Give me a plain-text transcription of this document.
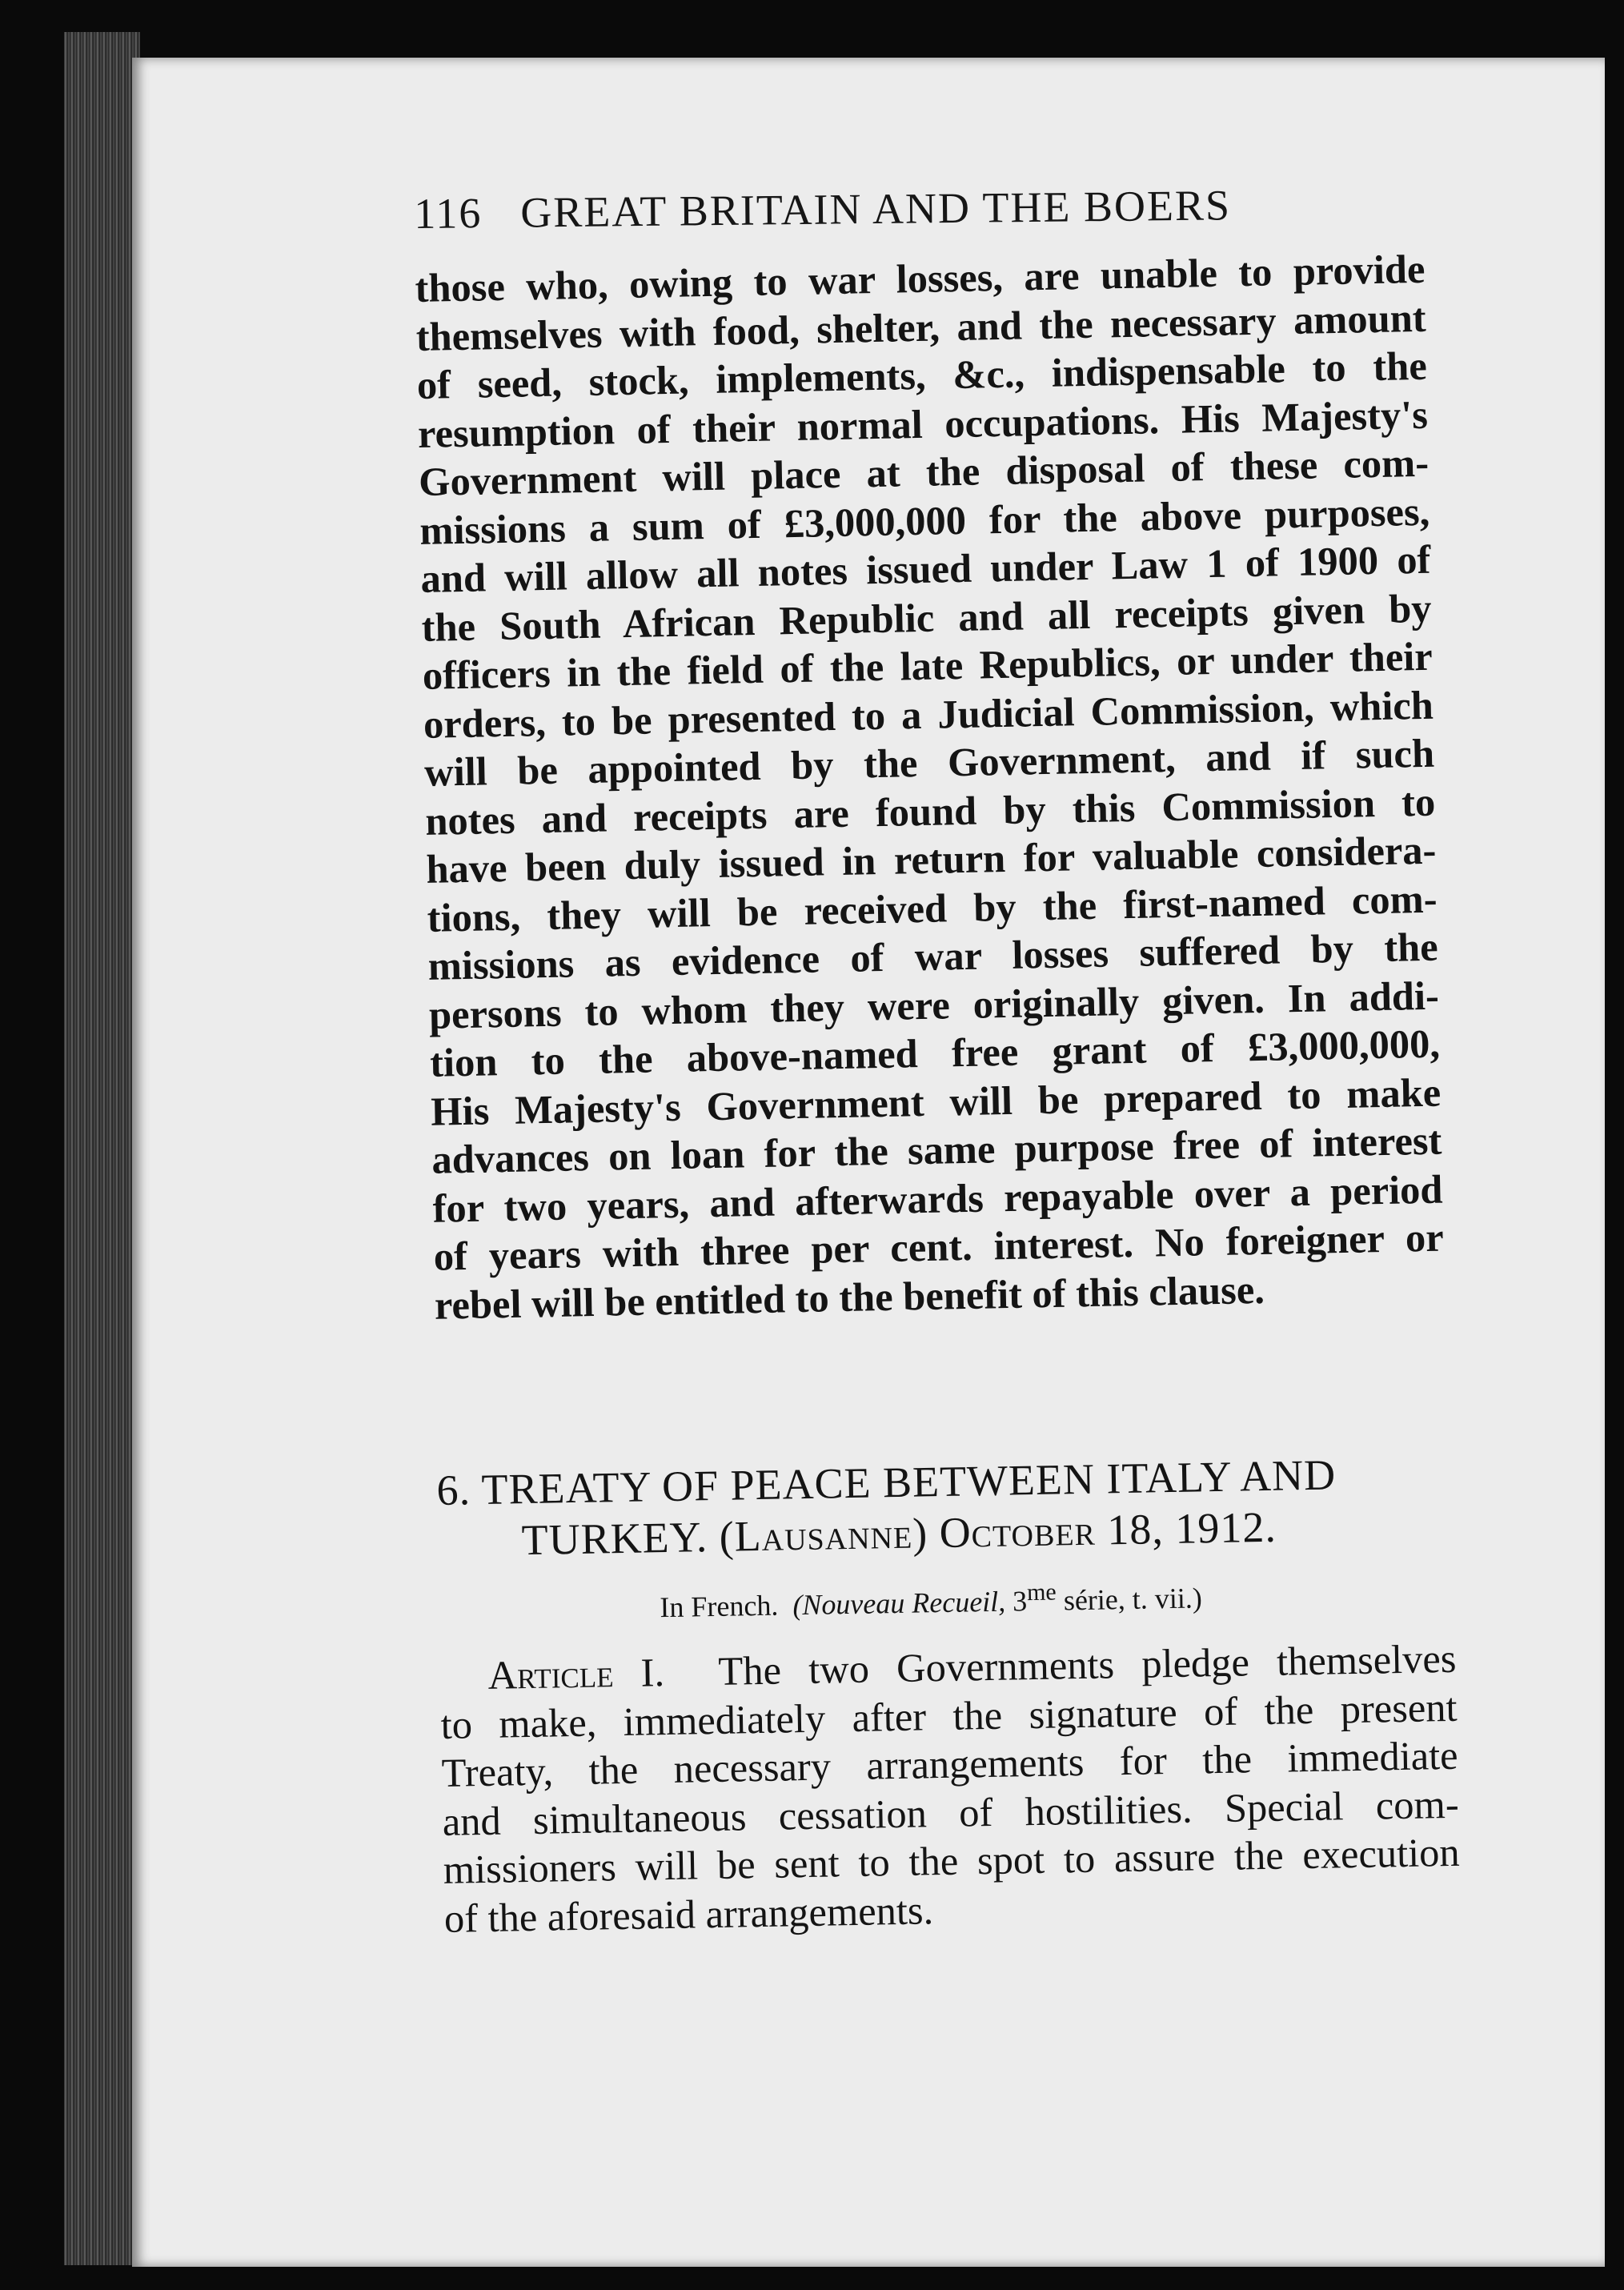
116 GREAT BRITAIN AND THE BOERS
those who, owing to war losses, are unable to provide
themselves with food, shelter, and the necessary amount
of seed, stock, implements, &c., indispensable to the
resumption of their normal occupations. His Majesty's
Government will place at the disposal of these com-
missions a sum of £3,000,000 for the above purposes,
and will allow all notes issued under Law 1 of 1900 of
the South African Republic and all receipts given by
officers in the field of the late Republics, or under their
orders, to be presented to a Judicial Commission, which
will be appointed by the Government, and if such
notes and receipts are found by this Commission to
have been duly issued in return for valuable considera-
tions, they will be received by the first-named com-
missions as evidence of war losses suffered by the
persons to whom they were originally given. In addi-
tion to the above-named free grant of £3,000,000,
His Majesty's Government will be prepared to make
advances on loan for the same purpose free of interest
for two years, and afterwards repayable over a period
of years with three per cent. interest. No foreigner or
rebel will be entitled to the benefit of this clause.
6. TREATY OF PEACE BETWEEN ITALY AND
TURKEY. (Lausanne) October 18, 1912.
In French. (Nouveau Recueil, $3^{me}$ série, t. vii.)
Article I. The two Governments pledge themselves
to make, immediately after the signature of the present
Treaty, the necessary arrangements for the immediate
and simultaneous cessation of hostilities. Special com-
missioners will be sent to the spot to assure the execution
of the aforesaid arrangements.
